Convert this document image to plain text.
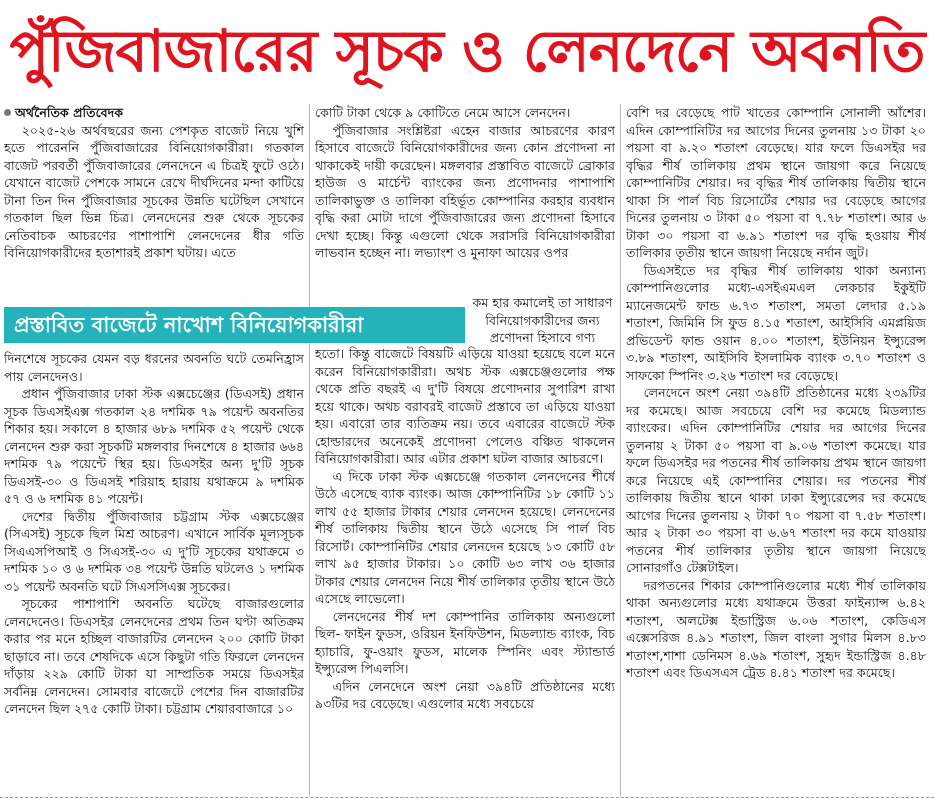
পুঁজিবাজারের সূচক ও লেনদেনে অবনতি

অর্থনৈতিক প্রতিবেদক

২০২৫-২৬ অর্থবছরের জন্য পেশকৃত বাজেট নিয়ে খুশি হতে পারেননি পুঁজিবাজারের বিনিয়োগকারীরা। গতকাল বাজেট পরবর্তী পুঁজিবাজারের লেনদেনে এ চিত্রই ফুটে ওঠে। যেখানে বাজেট পেশকে সামনে রেখে দীর্ঘদিনের মন্দা কাটিয়ে টানা তিন দিন পুঁজিবাজার সূচকের উন্নতি ঘটেছিল সেখানে গতকাল ছিল ভিন্ন চিত্র। লেনদেনের শুরু থেকে সূচকের নেতিবাচক আচরণের পাশাপাশি লেনদেনের ধীর গতি বিনিয়োগকারীদের হতাশারই প্রকাশ ঘটায়। এতে

প্রস্তাবিত বাজেটে নাখোশ বিনিয়োগকারীরা

দিনশেষে সূচকের যেমন বড় ধরনের অবনতি ঘটে তেমনিহ্রাস পায় লেনদেনও।

প্রধান পুঁজিবাজার ঢাকা স্টক এক্সচেঞ্জের (ডিএসই) প্রধান সূচক ডিএসইএক্স গতকাল ২৪ দশমিক ৭৯ পয়েন্ট অবনতির শিকার হয়। সকালে ৪ হাজার ৬৮৯ দশমিক ৫২ পয়েন্ট থেকে লেনদেন শুরু করা সূচকটি মঙ্গলবার দিনশেষে ৪ হাজার ৬৬৪ দশমিক ৭৯ পয়েন্টে স্থির হয়। ডিএসইর অন্য দু'টি সূচক ডিএসই-৩০ ও ডিএসই শরিয়াহ হারায় যথাক্রমে ৯ দশমিক ৫৭ ও ৬ দশমিক ৪১ পয়েন্ট।

দেশের দ্বিতীয় পুঁজিবাজার চট্টগ্রাম স্টক এক্সচেঞ্জের (সিএসই) সূচকে ছিল মিশ্র আচরণ। এখানে সার্বিক মূল্যসূচক সিএএসপিআই ও সিএসই-৩০ এ দু'টি সূচকের যথাক্রমে ৩ দশমিক ১০ ও ৬ দশমিক ৩৪ পয়েন্ট উন্নতি ঘটলেও ১ দশমিক ৩১ পয়েন্ট অবনতি ঘটে সিএসসিএক্স সূচকের।

সূচকের পাশাপাশি অবনতি ঘটেছে বাজারগুলোর লেনদেনেও। ডিএসইর লেনদেনের প্রথম তিন ঘণ্টা অতিক্রম করার পর মনে হচ্ছিল বাজারটির লেনদেন ২০০ কোটি টাকা ছাড়াবে না। তবে শেষদিকে এসে কিছুটা গতি ফিরলে লেনদেন দাঁড়ায় ২২৯ কোটি টাকা যা সাম্প্রতিক সময়ে ডিএসইর সর্বনিম্ন লেনদেন। সোমবার বাজেটে পেশের দিন বাজারটির লেনদেন ছিল ২৭৫ কোটি টাকা। চট্টগ্রাম শেয়ারবাজারে ১০

কোটি টাকা থেকে ৯ কোটিতে নেমে আসে লেনদেন।

পুঁজিবাজার সংশ্লিষ্টরা এহেন বাজার আচরণের কারণ হিসাবে বাজেটে বিনিয়োগকারীদের জন্য কোন প্রণোদনা না থাকাকেই দায়ী করেছেন। মঙ্গলবার প্রস্তাবিত বাজেটে ব্রোকার হাউজ ও মার্চেন্ট ব্যাংকের জন্য প্রণোদনার পাশাপাশি তালিকাভুক্ত ও তালিকা বহির্ভূত কোম্পানির করহার ব্যবধান বৃদ্ধি করা মোটা দাগে পুঁজিবাজারের জন্য প্রণোদনা হিসাবে দেখা হচ্ছে। কিন্তু এগুলো থেকে সরাসরি বিনিয়োগকারীরা লাভবান হচ্ছেন না। লভ্যাংশ ও মুনাফা আয়ের ওপর

কম হার কমালেই তা সাধারণ বিনিয়োগকারীদের জন্য প্রণোদনা হিসাবে গণ্য

হতো। কিন্তু বাজেটে বিষয়টি এড়িয়ে যাওয়া হয়েছে বলে মনে করেন বিনিয়োগকারীরা। অথচ স্টক এক্সচেঞ্জগুলোর পক্ষ থেকে প্রতি বছরই এ দু'টি বিষয়ে প্রণোদনার সুপারিশ রাখা হয়ে থাকে। অথচ বরাবরই বাজেট প্রস্তাবে তা এড়িয়ে যাওয়া হয়। এবারো তার ব্যতিক্রম নয়। তবে এবারের বাজেটে স্টক হোল্ডারদের অনেকেই প্রণোদনা পেলেও বঞ্চিত থাকলেন বিনিয়োগকারীরা। আর এটার প্রকাশ ঘটল বাজার আচরণে।

এ দিকে ঢাকা স্টক এক্সচেঞ্জে গতকাল লেনদেনের শীর্ষে উঠে এসেছে ব্যাক ব্যাংক। আজ কোম্পানিটির ১৮ কোটি ১১ লাখ ৫৫ হাজার টাকার শেয়ার লেনদেন হয়েছে। লেনদেনের শীর্ষ তালিকায় দ্বিতীয় স্থানে উঠে এসেছে সি পার্ল বিচ রিসোর্ট। কোম্পানিটির শেয়ার লেনদেন হয়েছে ১৩ কোটি ৫৮ লাখ ৯৫ হাজার টাকার। ১০ কোটি ৬৩ লাখ ৩৬ হাজার টাকার শেয়ার লেনদেন নিয়ে শীর্ষ তালিকার তৃতীয় স্থানে উঠে এসেছে লাভেলো।

লেনদেনের শীর্ষ দশ কোম্পানির তালিকায় অন্যগুলো ছিল- ফাইন ফুডস, ওরিয়ন ইনফিউশন, মিডল্যান্ড ব্যাংক, বিচ হ্যাচারি, ফু-ওয়াং ফুডস, মালেক স্পিনিং এবং স্ট্যান্ডার্ড ইন্স্যুরেন্স পিএলসি।

এদিন লেনদেনে অংশ নেয়া ৩৯৪টি প্রতিষ্ঠানের মধ্যে ৯৩টির দর বেড়েছে। এগুলোর মধ্যে সবচেয়ে

বেশি দর বেড়েছে পাট খাতের কোম্পানি সোনালী আঁশের। এদিন কোম্পানিটির দর আগের দিনের তুলনায় ১৩ টাকা ২০ পয়সা বা ৯.২০ শতাংশ বেড়েছে। যার ফলে ডিএসইর দর বৃদ্ধির শীর্ষ তালিকায় প্রথম স্থানে জায়গা করে নিয়েছে কোম্পানিটির শেয়ার। দর বৃদ্ধির শীর্ষ তালিকায় দ্বিতীয় স্থানে থাকা সি পার্ল বিচ রিসোর্টের শেয়ার দর বেড়েছে আগের দিনের তুলনায় ৩ টাকা ৫০ পয়সা বা ৭.৭৮ শতাংশ। আর ৬ টাকা ৩০ পয়সা বা ৬.৯১ শতাংশ দর বৃদ্ধি হওয়ায় শীর্ষ তালিকার তৃতীয় স্থানে জায়গা নিয়েছে নর্দান জুট।

ডিএসইতে দর বৃদ্ধির শীর্ষ তালিকায় থাকা অন্যান্য কোম্পানিগুলোর মধ্যে-এসইএমএল লেকচার ইকুইটি ম্যানেজমেন্ট ফান্ড ৬.৭৩ শতাংশ, সমতা লেদার ৫.১৯ শতাংশ, জিমিনি সি ফুড ৪.১৫ শতাংশ, আইসিবি এমপ্লয়িজ প্রভিডেন্ট ফান্ড ওয়ান ৪.০০ শতাংশ, ইউনিয়ন ইন্স্যুরেন্স ৩.৮৯ শতাংশ, আইসিবি ইসলামিক ব্যাংক ৩.৭০ শতাংশ ও সাফকো স্পিনিং ৩.২৬ শতাংশ দর বেড়েছে।

লেনদেনে অংশ নেয়া ৩৯৪টি প্রতিষ্ঠানের মধ্যে ২৩৯টির দর কমেছে। আজ সবচেয়ে বেশি দর কমেছে মিডল্যান্ড ব্যাংকের। এদিন কোম্পানিটির শেয়ার দর আগের দিনের তুলনায় ২ টাকা ৫০ পয়সা বা ৯.০৬ শতাংশ কমেছে। যার ফলে ডিএসইর দর পতনের শীর্ষ তালিকায় প্রথম স্থানে জায়গা করে নিয়েছে এই কোম্পানির শেয়ার। দর পতনের শীর্ষ তালিকায় দ্বিতীয় স্থানে থাকা ঢাকা ইন্স্যুরেন্সের দর কমেছে আগের দিনের তুলনায় ২ টাকা ৭০ পয়সা বা ৭.৫৮ শতাংশ। আর ২ টাকা ৩০ পয়সা বা ৬.৬৭ শতাংশ দর কমে যাওয়ায় পতনের শীর্ষ তালিকার তৃতীয় স্থানে জায়গা নিয়েছে সোনারগাঁও টেক্সটাইল।

দরপতনের শিকার কোম্পানিগুলোর মধ্যে শীর্ষ তালিকায় থাকা অন্যগুলোর মধ্যে যথাক্রমে উত্তরা ফাইন্যান্স ৬.৪২ শতাংশ, অলটেক্স ইন্ডাস্ট্রিজ ৬.০৬ শতাংশ, কেডিএস এক্সেসরিজ ৪.৯১ শতাংশ, জিল বাংলা সুগার মিলস ৪.৮৩ শতাংশ,শাশা ডেনিমস ৪.৬৯ শতাংশ, সুহৃদ ইন্ডাস্ট্রিজ ৪.৪৮ শতাংশ এবং ডিএসএস ট্রেড ৪.৪১ শতাংশ দর কমেছে।
